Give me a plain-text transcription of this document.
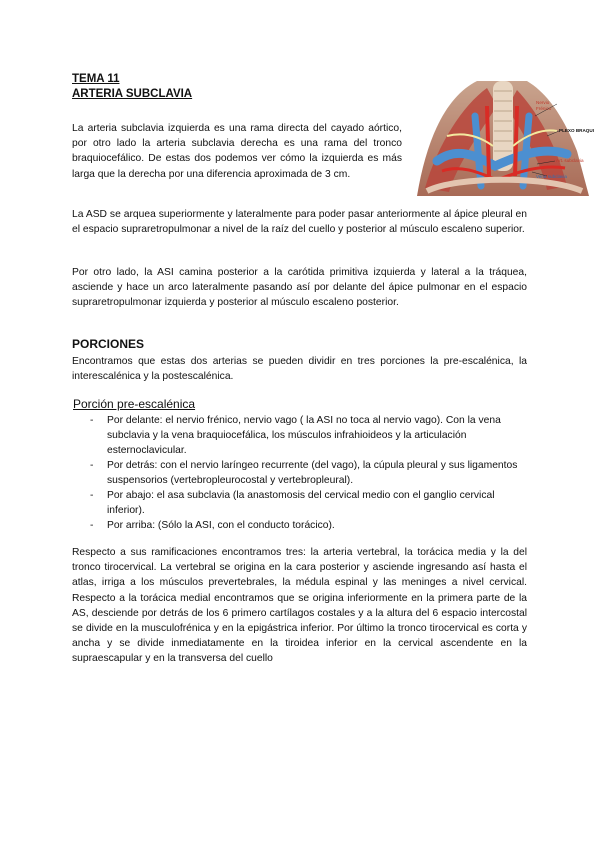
TEMA 11
ARTERIA SUBCLAVIA
Nervio
Frénico
PLEXO BRAQUI
Art. subclavia
Vena subclavia
La arteria subclavia izquierda es una rama directa del cayado aórtico, por otro lado la arteria subclavia derecha es una rama del tronco braquiocefálico. De estas dos podemos ver cómo la izquierda es más larga que la derecha por una diferencia aproximada de 3 cm.
La ASD se arquea superiormente y lateralmente para poder pasar anteriormente al ápice pleural en el espacio supraretropulmonar a nivel de la raíz del cuello y posterior al músculo escaleno superior.
Por otro lado, la ASI camina posterior a la carótida primitiva izquierda y lateral a la tráquea, asciende y hace un arco lateralmente pasando así por delante del ápice pulmonar en el espacio supraretropulmonar izquierda y posterior al músculo escaleno posterior.
PORCIONES
Encontramos que estas dos arterias se pueden dividir en tres porciones la pre-escalénica, la interescalénica y la postescalénica.
Porción pre-escalénica
- Por delante: el nervio frénico, nervio vago ( la ASI no toca al nervio vago). Con la vena subclavia y la vena braquiocefálica, los músculos infrahioideos y la articulación esternoclavicular.
- Por detrás: con el nervio laríngeo recurrente (del vago), la cúpula pleural y sus ligamentos suspensorios (vertebropleurocostal y vertebropleural).
- Por abajo: el asa subclavia (la anastomosis del cervical medio con el ganglio cervical inferior).
- Por arriba: (Sólo la ASI, con el conducto torácico).
Respecto a sus ramificaciones encontramos tres: la arteria vertebral, la torácica media y la del tronco tirocervical. La vertebral se origina en la cara posterior y asciende ingresando así hasta el atlas, irriga a los músculos prevertebrales, la médula espinal y las meninges a nivel cervical. Respecto a la torácica medial encontramos que se origina inferiormente en la primera parte de la AS, desciende por detrás de los 6 primero cartílagos costales y a la altura del 6 espacio intercostal se divide en la musculofrénica y en la epigástrica inferior. Por último la tronco tirocervical es corta y ancha y se divide inmediatamente en la tiroidea inferior en la cervical ascendente en la supraescapular y en la transversa del cuello
